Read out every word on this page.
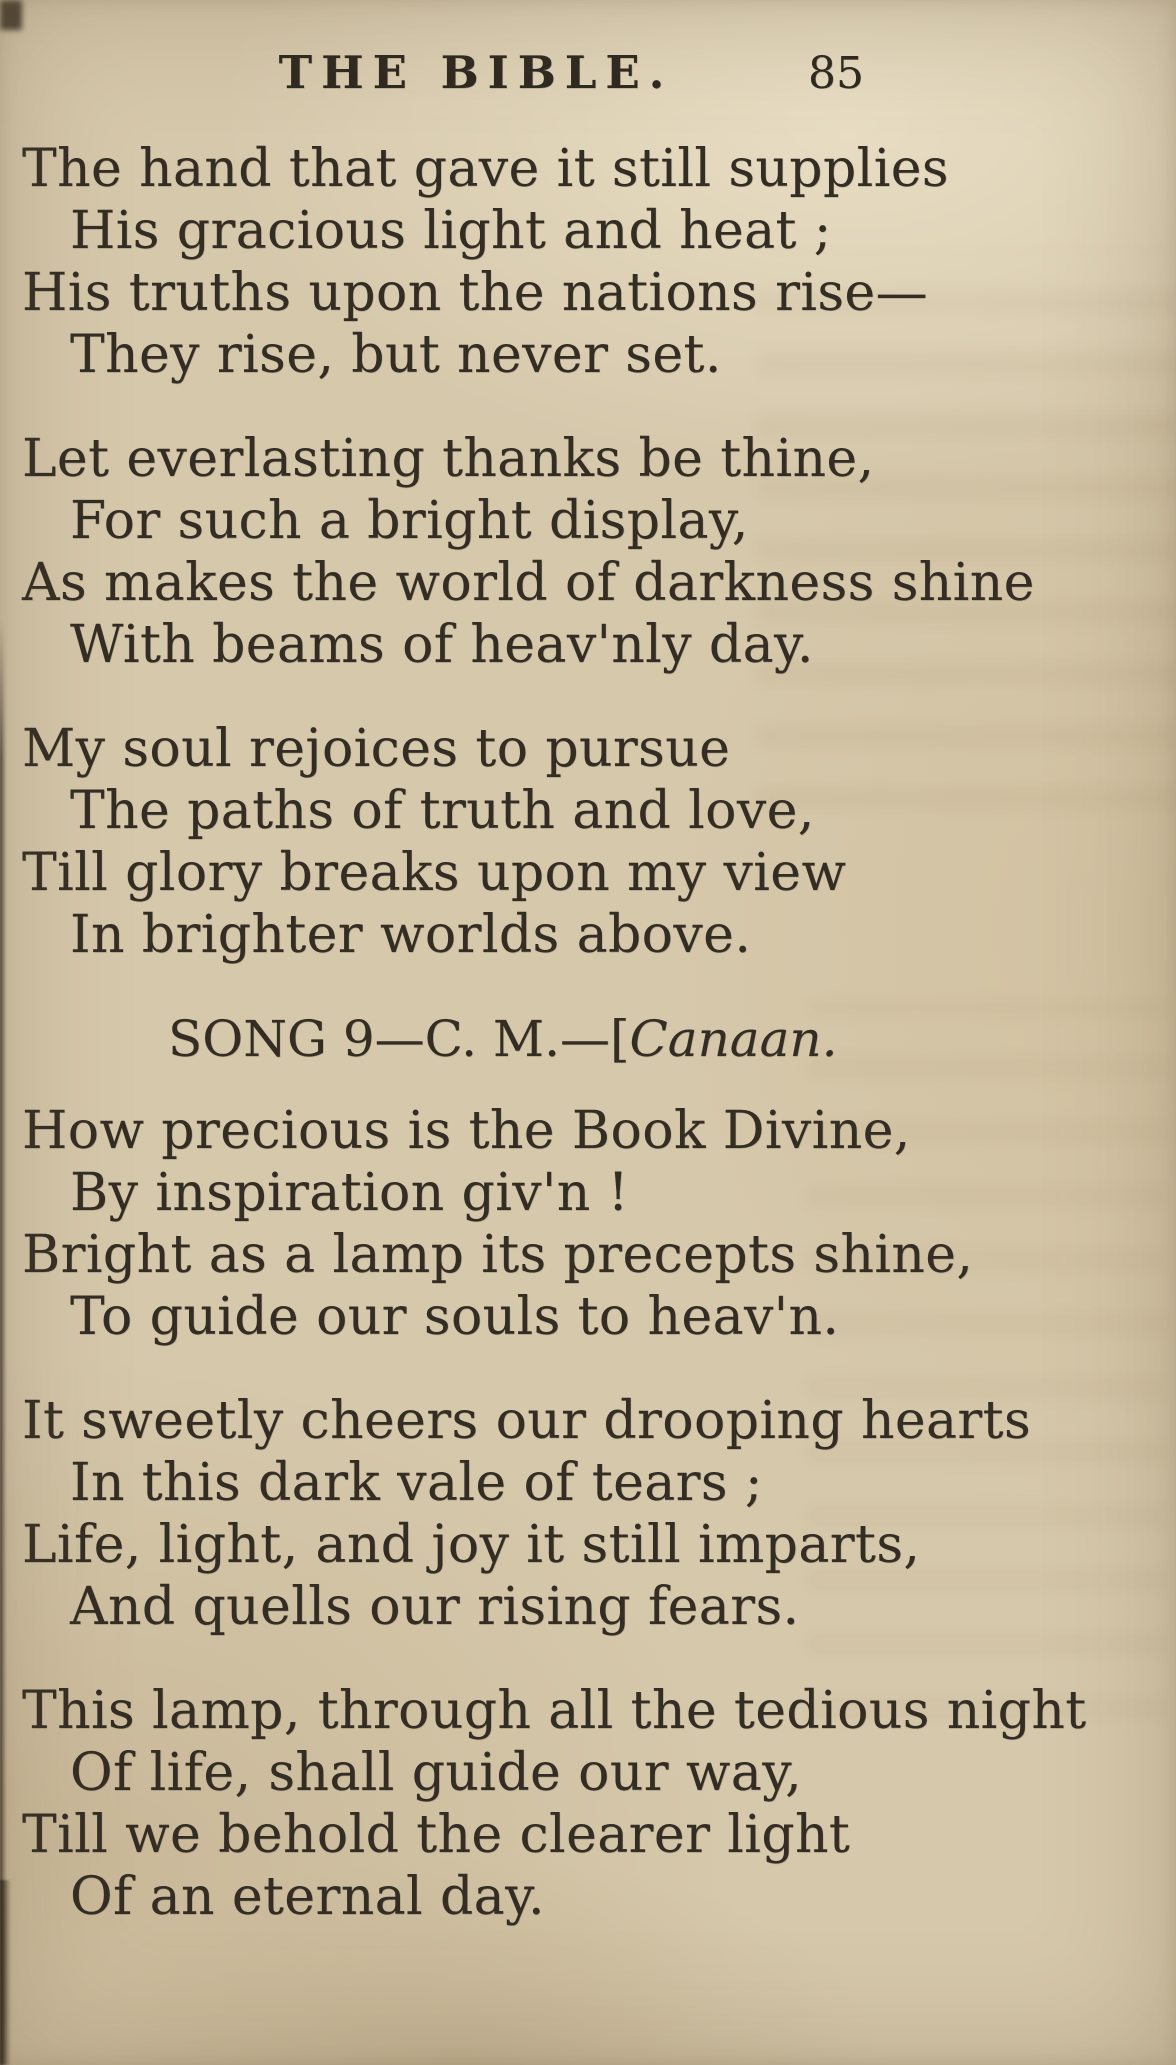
THE BIBLE.	85
The hand that gave it still supplies
His gracious light and heat ;
His truths upon the nations rise—
They rise, but never set.
Let everlasting thanks be thine,
For such a bright display,
As makes the world of darkness shine
With beams of heav'nly day.
My soul rejoices to pursue
The paths of truth and love,
Till glory breaks upon my view
In brighter worlds above.
SONG 9—C. M.—[Canaan.
How precious is the Book Divine,
By inspiration giv'n !
Bright as a lamp its precepts shine,
To guide our souls to heav'n.
It sweetly cheers our drooping hearts
In this dark vale of tears ;
Life, light, and joy it still imparts,
And quells our rising fears.
This lamp, through all the tedious night
Of life, shall guide our way,
Till we behold the clearer light
Of an eternal day.
